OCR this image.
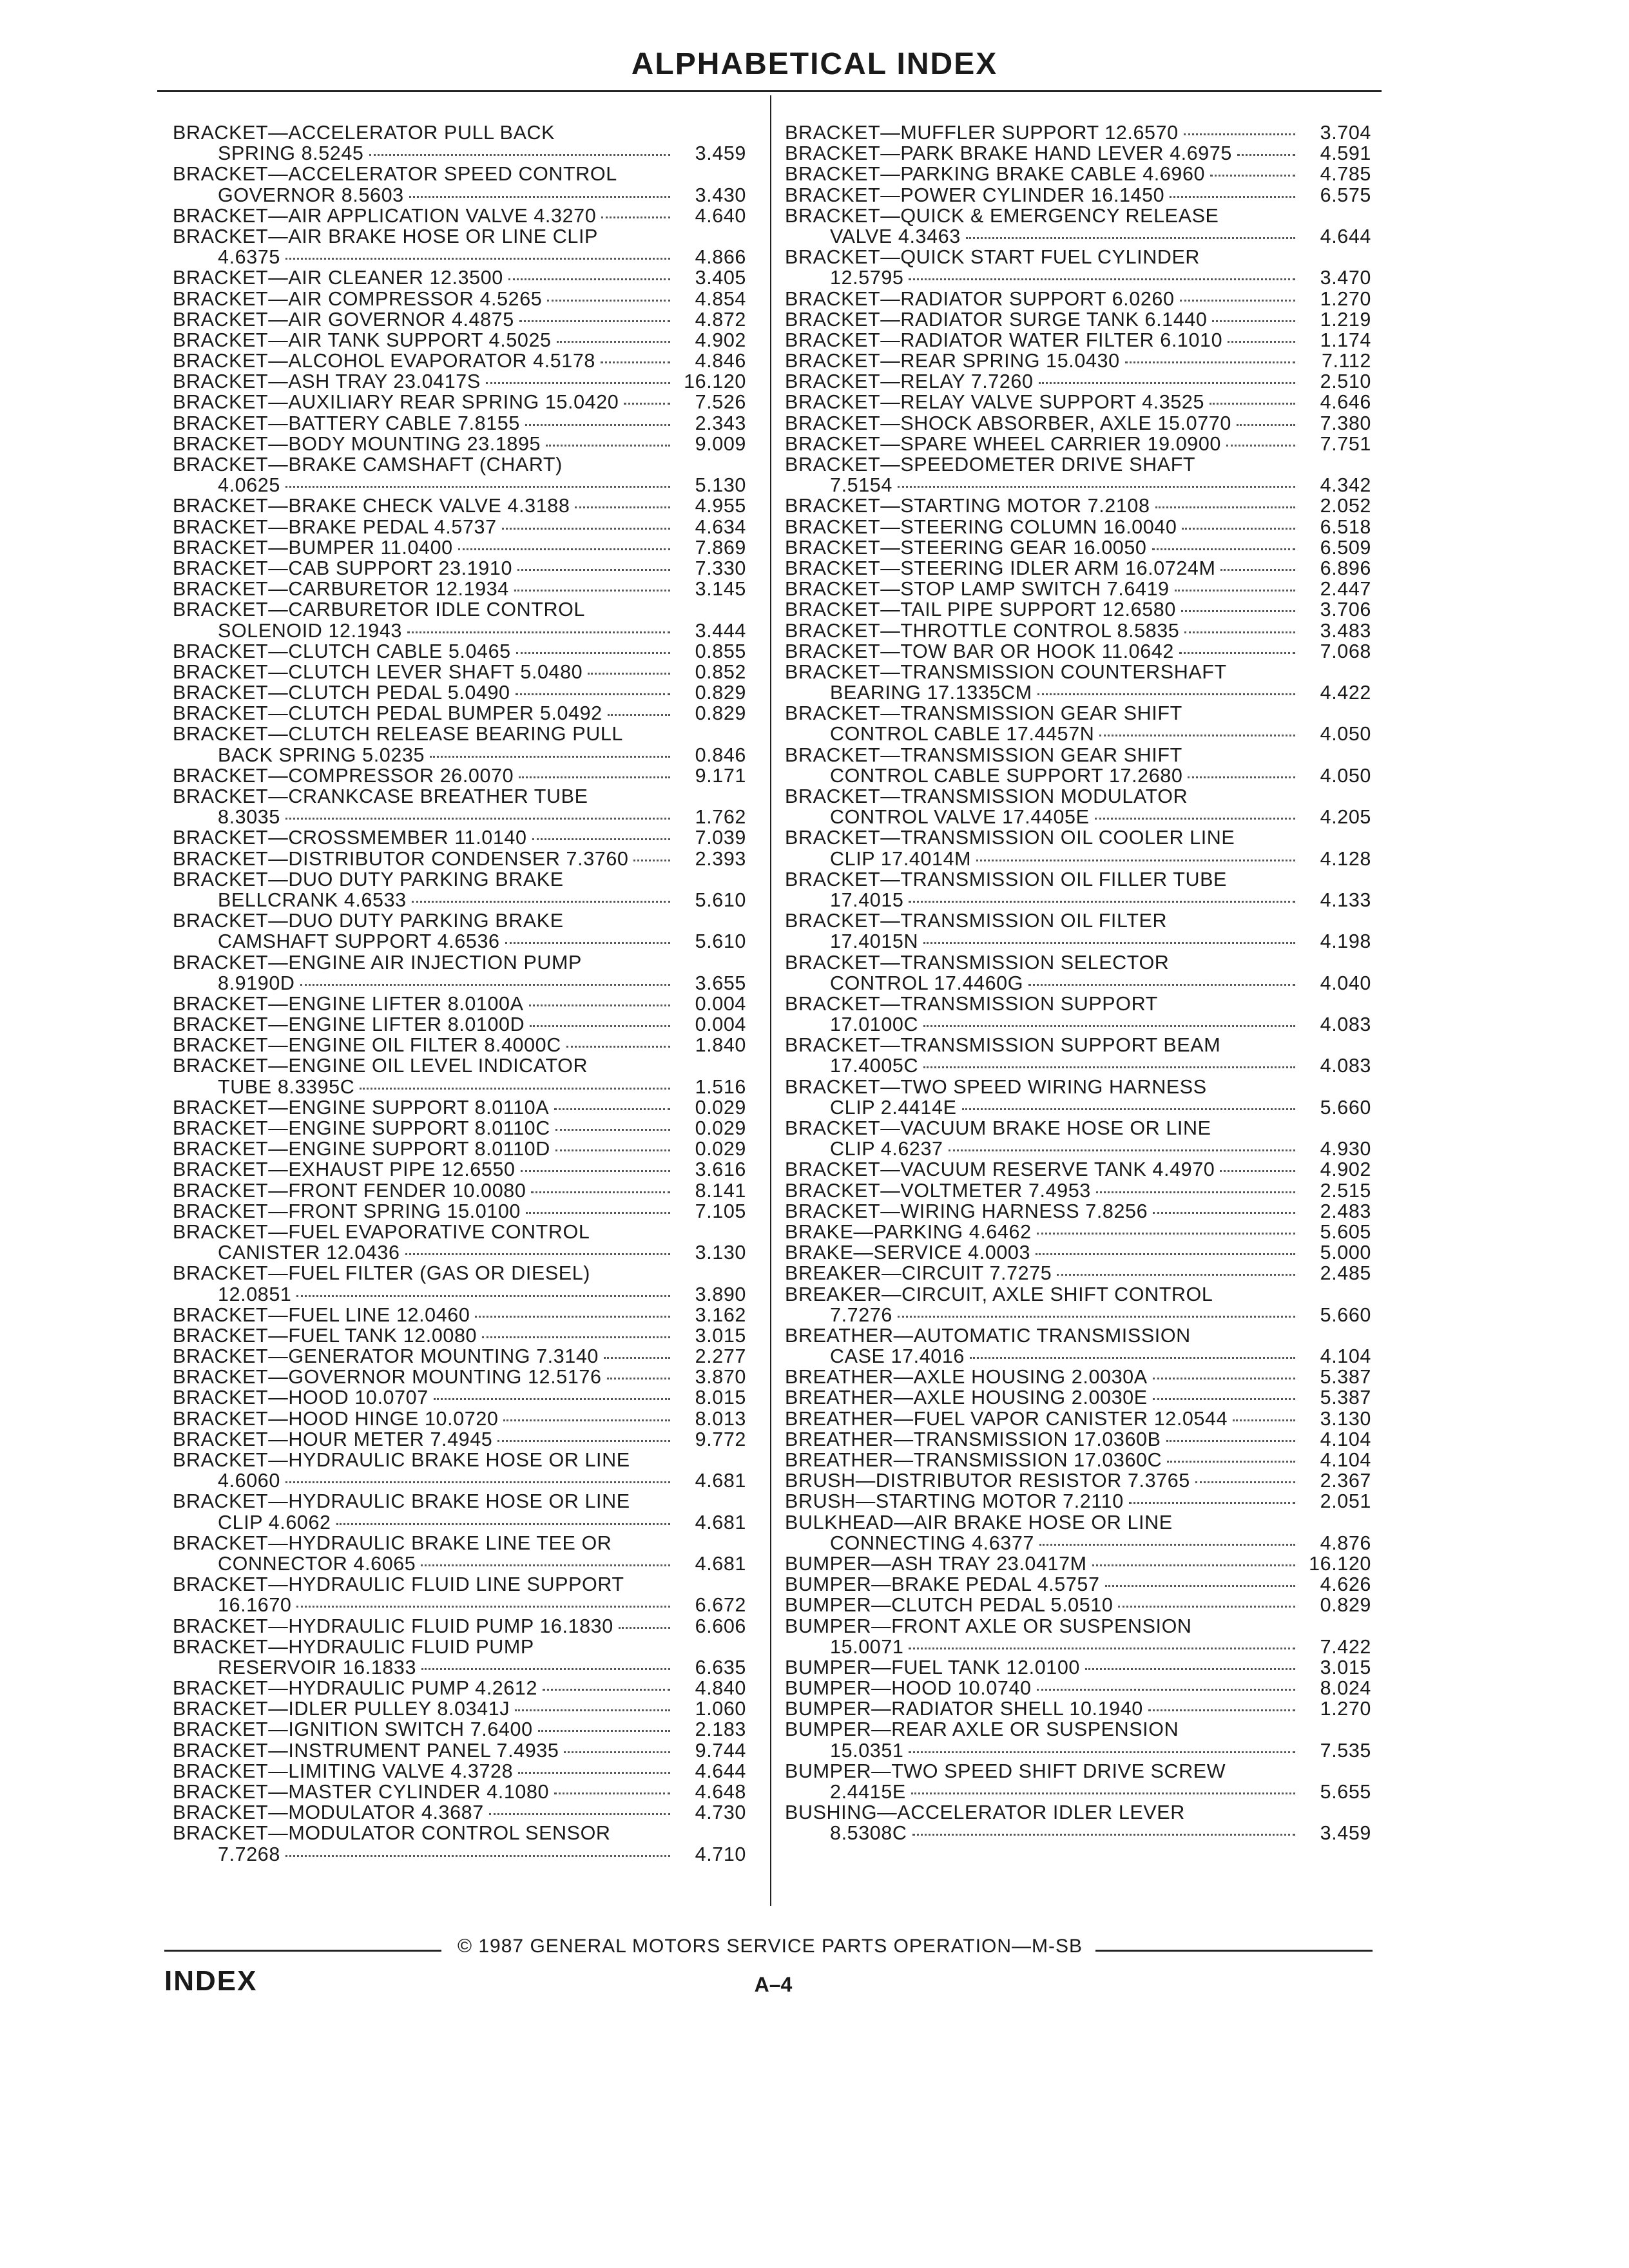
ALPHABETICAL INDEX
BRACKET—ACCELERATOR PULL BACK
SPRING 8.5245	3.459
BRACKET—ACCELERATOR SPEED CONTROL
GOVERNOR 8.5603	3.430
BRACKET—AIR APPLICATION VALVE 4.3270	4.640
BRACKET—AIR BRAKE HOSE OR LINE CLIP
4.6375	4.866
BRACKET—AIR CLEANER 12.3500	3.405
BRACKET—AIR COMPRESSOR 4.5265	4.854
BRACKET—AIR GOVERNOR 4.4875	4.872
BRACKET—AIR TANK SUPPORT 4.5025	4.902
BRACKET—ALCOHOL EVAPORATOR 4.5178	4.846
BRACKET—ASH TRAY 23.0417S	16.120
BRACKET—AUXILIARY REAR SPRING 15.0420	7.526
BRACKET—BATTERY CABLE 7.8155	2.343
BRACKET—BODY MOUNTING 23.1895	9.009
BRACKET—BRAKE CAMSHAFT (CHART)
4.0625	5.130
BRACKET—BRAKE CHECK VALVE 4.3188	4.955
BRACKET—BRAKE PEDAL 4.5737	4.634
BRACKET—BUMPER 11.0400	7.869
BRACKET—CAB SUPPORT 23.1910	7.330
BRACKET—CARBURETOR 12.1934	3.145
BRACKET—CARBURETOR IDLE CONTROL
SOLENOID 12.1943	3.444
BRACKET—CLUTCH CABLE 5.0465	0.855
BRACKET—CLUTCH LEVER SHAFT 5.0480	0.852
BRACKET—CLUTCH PEDAL 5.0490	0.829
BRACKET—CLUTCH PEDAL BUMPER 5.0492	0.829
BRACKET—CLUTCH RELEASE BEARING PULL
BACK SPRING 5.0235	0.846
BRACKET—COMPRESSOR 26.0070	9.171
BRACKET—CRANKCASE BREATHER TUBE
8.3035	1.762
BRACKET—CROSSMEMBER 11.0140	7.039
BRACKET—DISTRIBUTOR CONDENSER 7.3760	2.393
BRACKET—DUO DUTY PARKING BRAKE
BELLCRANK 4.6533	5.610
BRACKET—DUO DUTY PARKING BRAKE
CAMSHAFT SUPPORT 4.6536	5.610
BRACKET—ENGINE AIR INJECTION PUMP
8.9190D	3.655
BRACKET—ENGINE LIFTER 8.0100A	0.004
BRACKET—ENGINE LIFTER 8.0100D	0.004
BRACKET—ENGINE OIL FILTER 8.4000C	1.840
BRACKET—ENGINE OIL LEVEL INDICATOR
TUBE 8.3395C	1.516
BRACKET—ENGINE SUPPORT 8.0110A	0.029
BRACKET—ENGINE SUPPORT 8.0110C	0.029
BRACKET—ENGINE SUPPORT 8.0110D	0.029
BRACKET—EXHAUST PIPE 12.6550	3.616
BRACKET—FRONT FENDER 10.0080	8.141
BRACKET—FRONT SPRING 15.0100	7.105
BRACKET—FUEL EVAPORATIVE CONTROL
CANISTER 12.0436	3.130
BRACKET—FUEL FILTER (GAS OR DIESEL)
12.0851	3.890
BRACKET—FUEL LINE 12.0460	3.162
BRACKET—FUEL TANK 12.0080	3.015
BRACKET—GENERATOR MOUNTING 7.3140	2.277
BRACKET—GOVERNOR MOUNTING 12.5176	3.870
BRACKET—HOOD 10.0707	8.015
BRACKET—HOOD HINGE 10.0720	8.013
BRACKET—HOUR METER 7.4945	9.772
BRACKET—HYDRAULIC BRAKE HOSE OR LINE
4.6060	4.681
BRACKET—HYDRAULIC BRAKE HOSE OR LINE
CLIP 4.6062	4.681
BRACKET—HYDRAULIC BRAKE LINE TEE OR
CONNECTOR 4.6065	4.681
BRACKET—HYDRAULIC FLUID LINE SUPPORT
16.1670	6.672
BRACKET—HYDRAULIC FLUID PUMP 16.1830	6.606
BRACKET—HYDRAULIC FLUID PUMP
RESERVOIR 16.1833	6.635
BRACKET—HYDRAULIC PUMP 4.2612	4.840
BRACKET—IDLER PULLEY 8.0341J	1.060
BRACKET—IGNITION SWITCH 7.6400	2.183
BRACKET—INSTRUMENT PANEL 7.4935	9.744
BRACKET—LIMITING VALVE 4.3728	4.644
BRACKET—MASTER CYLINDER 4.1080	4.648
BRACKET—MODULATOR 4.3687	4.730
BRACKET—MODULATOR CONTROL SENSOR
7.7268	4.710
BRACKET—MUFFLER SUPPORT 12.6570	3.704
BRACKET—PARK BRAKE HAND LEVER 4.6975	4.591
BRACKET—PARKING BRAKE CABLE 4.6960	4.785
BRACKET—POWER CYLINDER 16.1450	6.575
BRACKET—QUICK & EMERGENCY RELEASE
VALVE 4.3463	4.644
BRACKET—QUICK START FUEL CYLINDER
12.5795	3.470
BRACKET—RADIATOR SUPPORT 6.0260	1.270
BRACKET—RADIATOR SURGE TANK 6.1440	1.219
BRACKET—RADIATOR WATER FILTER 6.1010	1.174
BRACKET—REAR SPRING 15.0430	7.112
BRACKET—RELAY 7.7260	2.510
BRACKET—RELAY VALVE SUPPORT 4.3525	4.646
BRACKET—SHOCK ABSORBER, AXLE 15.0770	7.380
BRACKET—SPARE WHEEL CARRIER 19.0900	7.751
BRACKET—SPEEDOMETER DRIVE SHAFT
7.5154	4.342
BRACKET—STARTING MOTOR 7.2108	2.052
BRACKET—STEERING COLUMN 16.0040	6.518
BRACKET—STEERING GEAR 16.0050	6.509
BRACKET—STEERING IDLER ARM 16.0724M	6.896
BRACKET—STOP LAMP SWITCH 7.6419	2.447
BRACKET—TAIL PIPE SUPPORT 12.6580	3.706
BRACKET—THROTTLE CONTROL 8.5835	3.483
BRACKET—TOW BAR OR HOOK 11.0642	7.068
BRACKET—TRANSMISSION COUNTERSHAFT
BEARING 17.1335CM	4.422
BRACKET—TRANSMISSION GEAR SHIFT
CONTROL CABLE 17.4457N	4.050
BRACKET—TRANSMISSION GEAR SHIFT
CONTROL CABLE SUPPORT 17.2680	4.050
BRACKET—TRANSMISSION MODULATOR
CONTROL VALVE 17.4405E	4.205
BRACKET—TRANSMISSION OIL COOLER LINE
CLIP 17.4014M	4.128
BRACKET—TRANSMISSION OIL FILLER TUBE
17.4015	4.133
BRACKET—TRANSMISSION OIL FILTER
17.4015N	4.198
BRACKET—TRANSMISSION SELECTOR
CONTROL 17.4460G	4.040
BRACKET—TRANSMISSION SUPPORT
17.0100C	4.083
BRACKET—TRANSMISSION SUPPORT BEAM
17.4005C	4.083
BRACKET—TWO SPEED WIRING HARNESS
CLIP 2.4414E	5.660
BRACKET—VACUUM BRAKE HOSE OR LINE
CLIP 4.6237	4.930
BRACKET—VACUUM RESERVE TANK 4.4970	4.902
BRACKET—VOLTMETER 7.4953	2.515
BRACKET—WIRING HARNESS 7.8256	2.483
BRAKE—PARKING 4.6462	5.605
BRAKE—SERVICE 4.0003	5.000
BREAKER—CIRCUIT 7.7275	2.485
BREAKER—CIRCUIT, AXLE SHIFT CONTROL
7.7276	5.660
BREATHER—AUTOMATIC TRANSMISSION
CASE 17.4016	4.104
BREATHER—AXLE HOUSING 2.0030A	5.387
BREATHER—AXLE HOUSING 2.0030E	5.387
BREATHER—FUEL VAPOR CANISTER 12.0544	3.130
BREATHER—TRANSMISSION 17.0360B	4.104
BREATHER—TRANSMISSION 17.0360C	4.104
BRUSH—DISTRIBUTOR RESISTOR 7.3765	2.367
BRUSH—STARTING MOTOR 7.2110	2.051
BULKHEAD—AIR BRAKE HOSE OR LINE
CONNECTING 4.6377	4.876
BUMPER—ASH TRAY 23.0417M	16.120
BUMPER—BRAKE PEDAL 4.5757	4.626
BUMPER—CLUTCH PEDAL 5.0510	0.829
BUMPER—FRONT AXLE OR SUSPENSION
15.0071	7.422
BUMPER—FUEL TANK 12.0100	3.015
BUMPER—HOOD 10.0740	8.024
BUMPER—RADIATOR SHELL 10.1940	1.270
BUMPER—REAR AXLE OR SUSPENSION
15.0351	7.535
BUMPER—TWO SPEED SHIFT DRIVE SCREW
2.4415E	5.655
BUSHING—ACCELERATOR IDLER LEVER
8.5308C	3.459
© 1987 GENERAL MOTORS SERVICE PARTS OPERATION—M-SB
INDEX	A–4
